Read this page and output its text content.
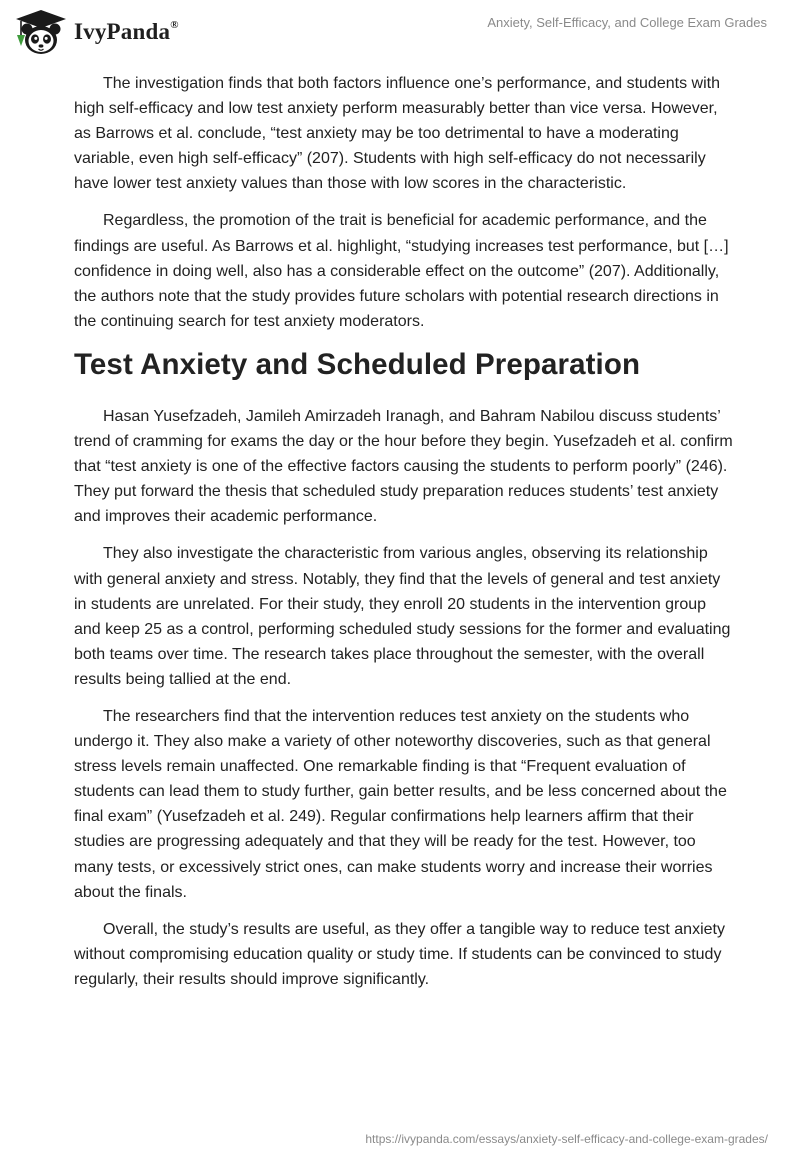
IvyPanda®	Anxiety, Self-Efficacy, and College Exam Grades

The investigation finds that both factors influence one’s performance, and students with high self-efficacy and low test anxiety perform measurably better than vice versa. However, as Barrows et al. conclude, “test anxiety may be too detrimental to have a moderating variable, even high self-efficacy” (207). Students with high self-efficacy do not necessarily have lower test anxiety values than those with low scores in the characteristic.

Regardless, the promotion of the trait is beneficial for academic performance, and the findings are useful. As Barrows et al. highlight, “studying increases test performance, but […] confidence in doing well, also has a considerable effect on the outcome” (207). Additionally, the authors note that the study provides future scholars with potential research directions in the continuing search for test anxiety moderators.

Test Anxiety and Scheduled Preparation

Hasan Yusefzadeh, Jamileh Amirzadeh Iranagh, and Bahram Nabilou discuss students’ trend of cramming for exams the day or the hour before they begin. Yusefzadeh et al. confirm that “test anxiety is one of the effective factors causing the students to perform poorly” (246). They put forward the thesis that scheduled study preparation reduces students’ test anxiety and improves their academic performance.

They also investigate the characteristic from various angles, observing its relationship with general anxiety and stress. Notably, they find that the levels of general and test anxiety in students are unrelated. For their study, they enroll 20 students in the intervention group and keep 25 as a control, performing scheduled study sessions for the former and evaluating both teams over time. The research takes place throughout the semester, with the overall results being tallied at the end.

The researchers find that the intervention reduces test anxiety on the students who undergo it. They also make a variety of other noteworthy discoveries, such as that general stress levels remain unaffected. One remarkable finding is that “Frequent evaluation of students can lead them to study further, gain better results, and be less concerned about the final exam” (Yusefzadeh et al. 249). Regular confirmations help learners affirm that their studies are progressing adequately and that they will be ready for the test. However, too many tests, or excessively strict ones, can make students worry and increase their worries about the finals.

Overall, the study’s results are useful, as they offer a tangible way to reduce test anxiety without compromising education quality or study time. If students can be convinced to study regularly, their results should improve significantly.

https://ivypanda.com/essays/anxiety-self-efficacy-and-college-exam-grades/
